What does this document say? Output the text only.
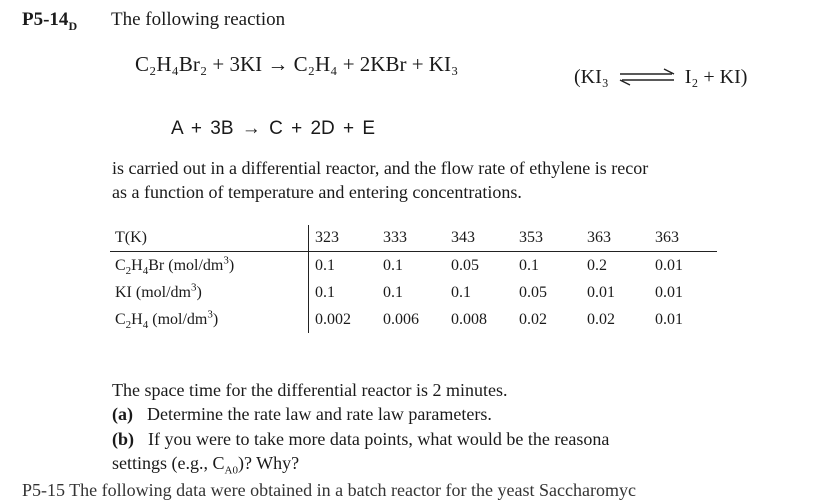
$P5-14_D$ The following reaction
C₂H₄Br₂ + 3KI → C₂H₄ + 2KBr + KI₃
(KI₃ ⇌ I₂ + KI)
A + 3B → C + 2D + E
is carried out in a differential reactor, and the flow rate of ethylene is recor
as a function of temperature and entering concentrations.
T(K)	323	333	343	353	363	363
$C_2H_4Br$ $(mol/dm^3)$	0.1	0.1	0.05	0.1	0.2	0.01
KI $(mol/dm^3)$	0.1	0.1	0.1	0.05	0.01	0.01
$C_2H_4$ $(mol/dm^3)$	0.002	0.006	0.008	0.02	0.02	0.01
The space time for the differential reactor is 2 minutes.
(a) Determine the rate law and rate law parameters.
(b) If you were to take more data points, what would be the reasona
settings (e.g., $C_{A0}$)? Why?
P5-15 The following data were obtained in a batch reactor for the yeast Saccharomyc
